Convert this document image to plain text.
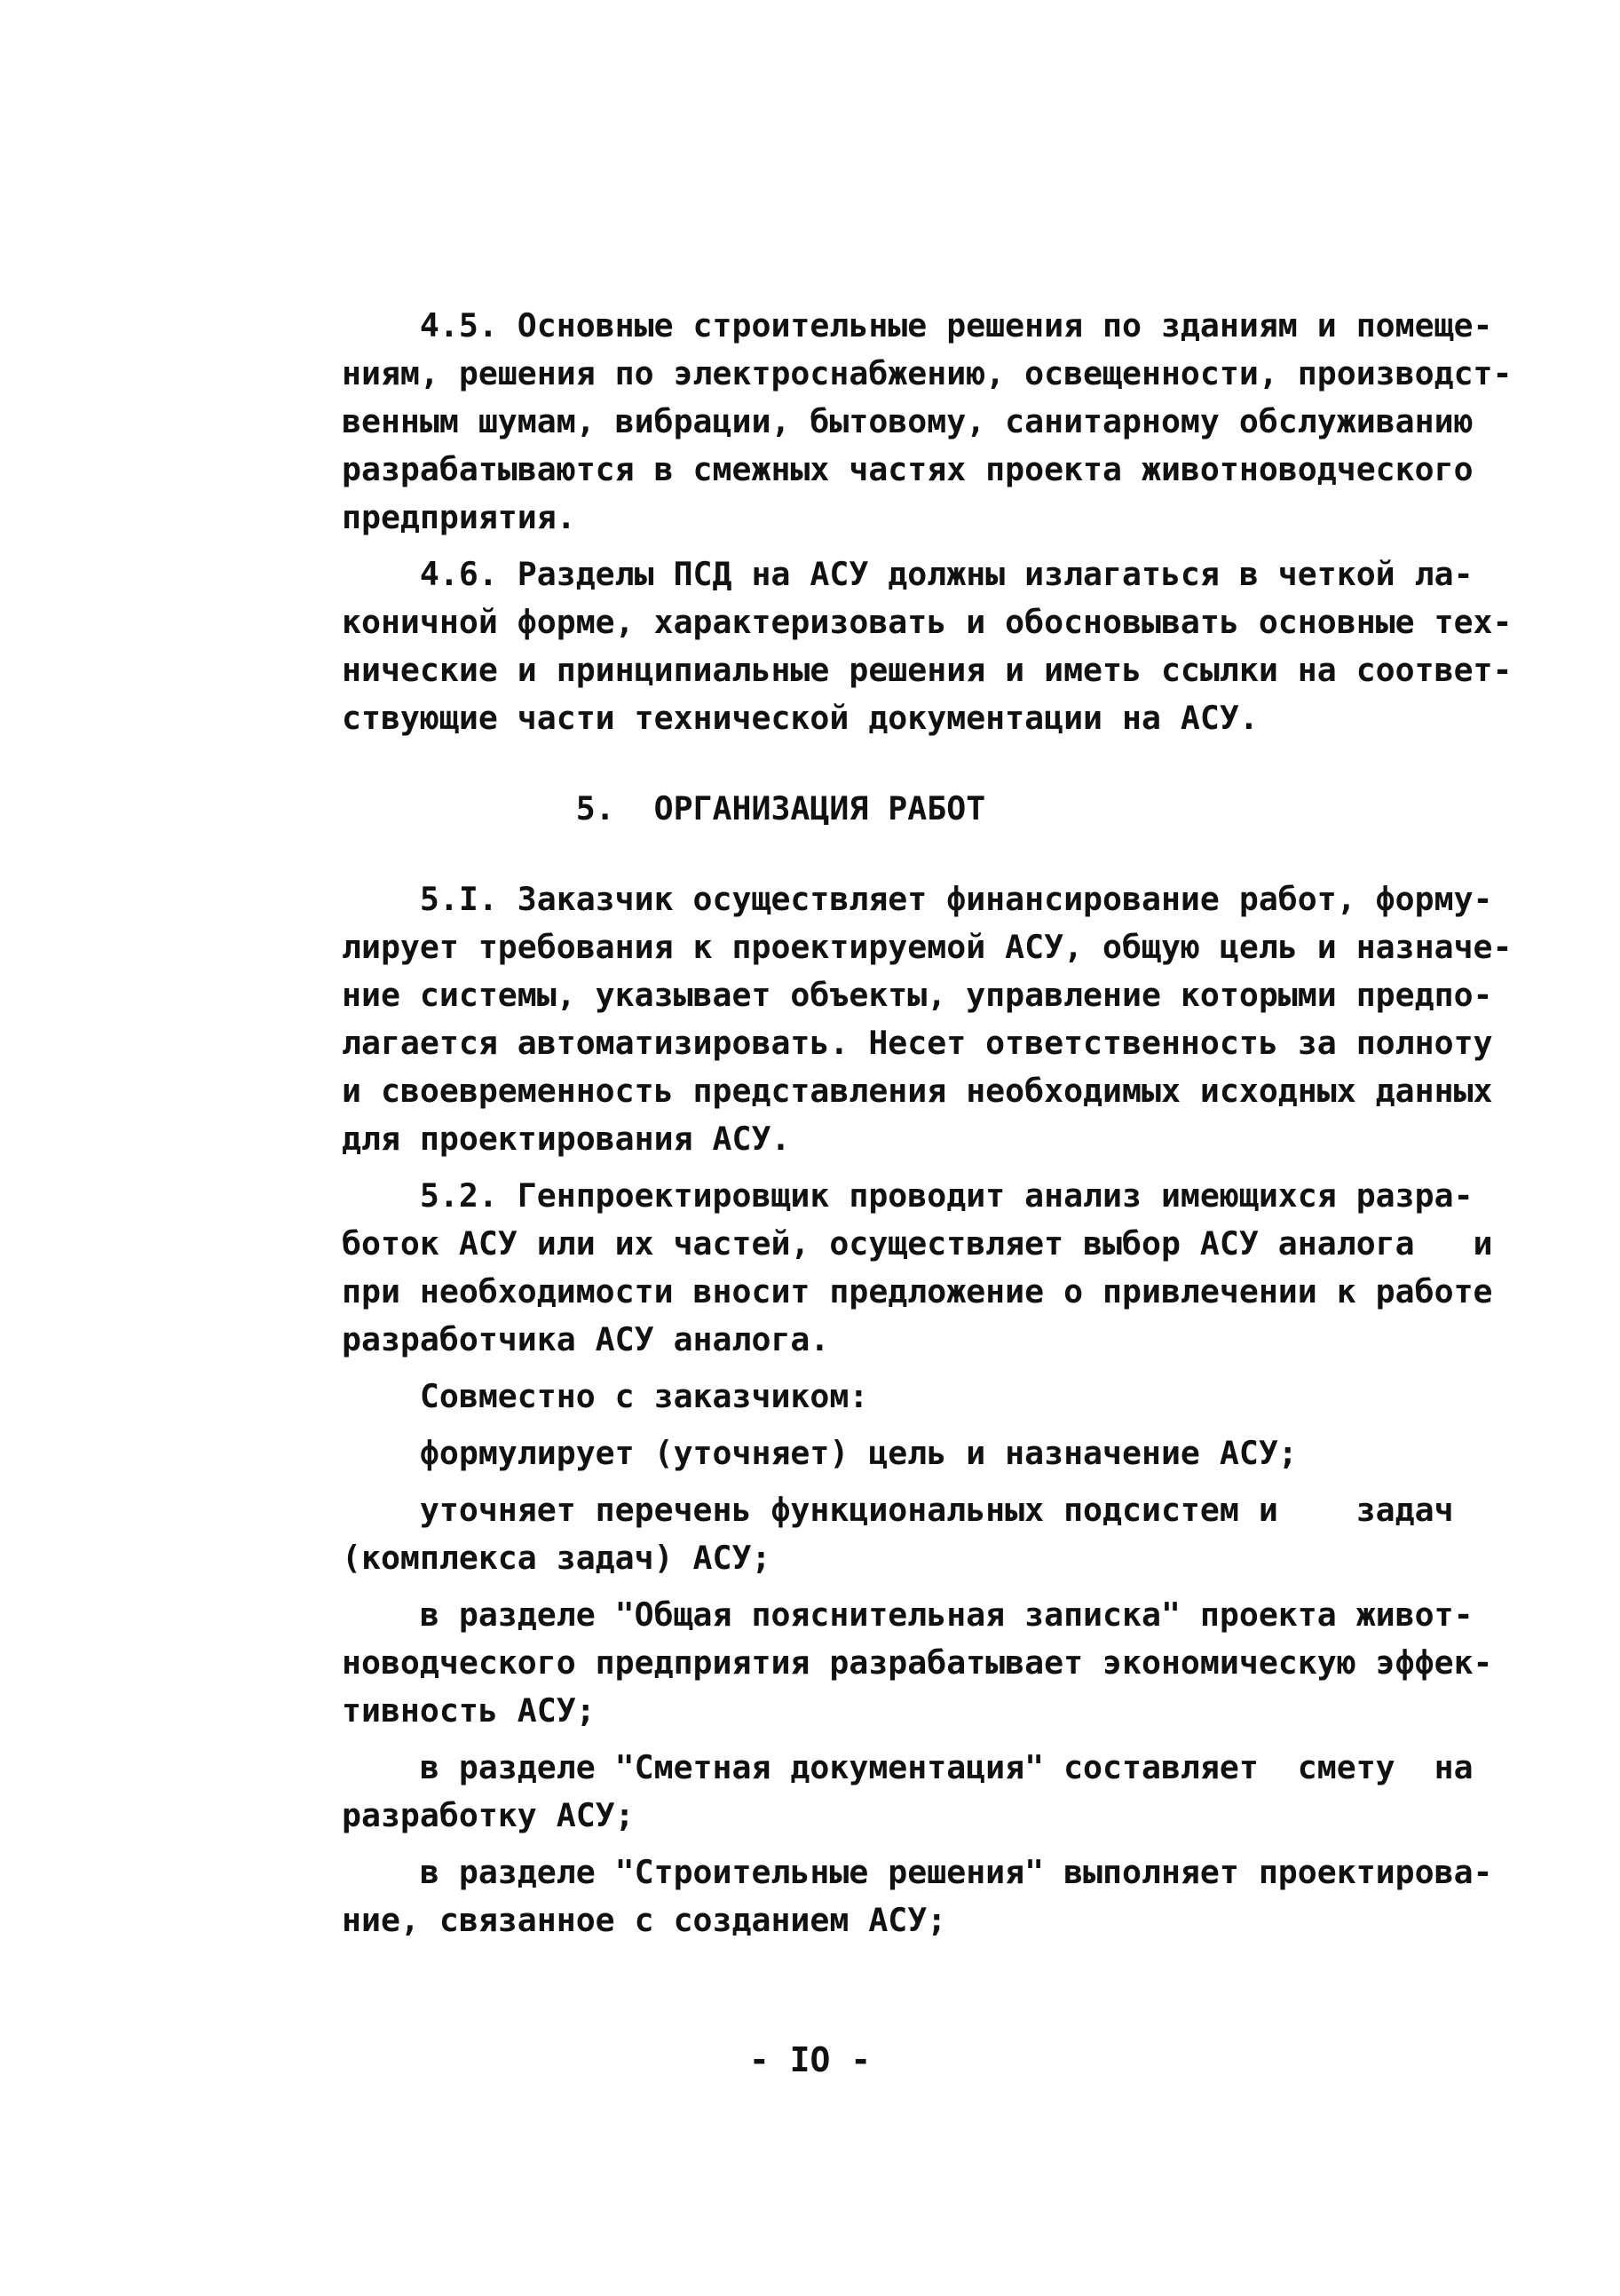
4.5. Основные строительные решения по зданиям и помеще-
ниям, решения по электроснабжению, освещенности, производст-
венным шумам, вибрации, бытовому, санитарному обслуживанию
разрабатываются в смежных частях проекта животноводческого
предприятия.
4.6. Разделы ПСД на АСУ должны излагаться в четкой ла-
коничной форме, характеризовать и обосновывать основные тех-
нические и принципиальные решения и иметь ссылки на соответ-
ствующие части технической документации на АСУ.
5.  ОРГАНИЗАЦИЯ РАБОТ
5.I. Заказчик осуществляет финансирование работ, форму-
лирует требования к проектируемой АСУ, общую цель и назначе-
ние системы, указывает объекты, управление которыми предпо-
лагается автоматизировать. Несет ответственность за полноту
и своевременность представления необходимых исходных данных
для проектирования АСУ.
5.2. Генпроектировщик проводит анализ имеющихся разра-
боток АСУ или их частей, осуществляет выбор АСУ аналога   и
при необходимости вносит предложение о привлечении к работе
разработчика АСУ аналога.
Совместно с заказчиком:
формулирует (уточняет) цель и назначение АСУ;
уточняет перечень функциональных подсистем и    задач
(комплекса задач) АСУ;
в разделе "Общая пояснительная записка" проекта живот-
новодческого предприятия разрабатывает экономическую эффек-
тивность АСУ;
в разделе "Сметная документация" составляет  смету  на
разработку АСУ;
в разделе "Строительные решения" выполняет проектирова-
ние, связанное с созданием АСУ;
- IO -
